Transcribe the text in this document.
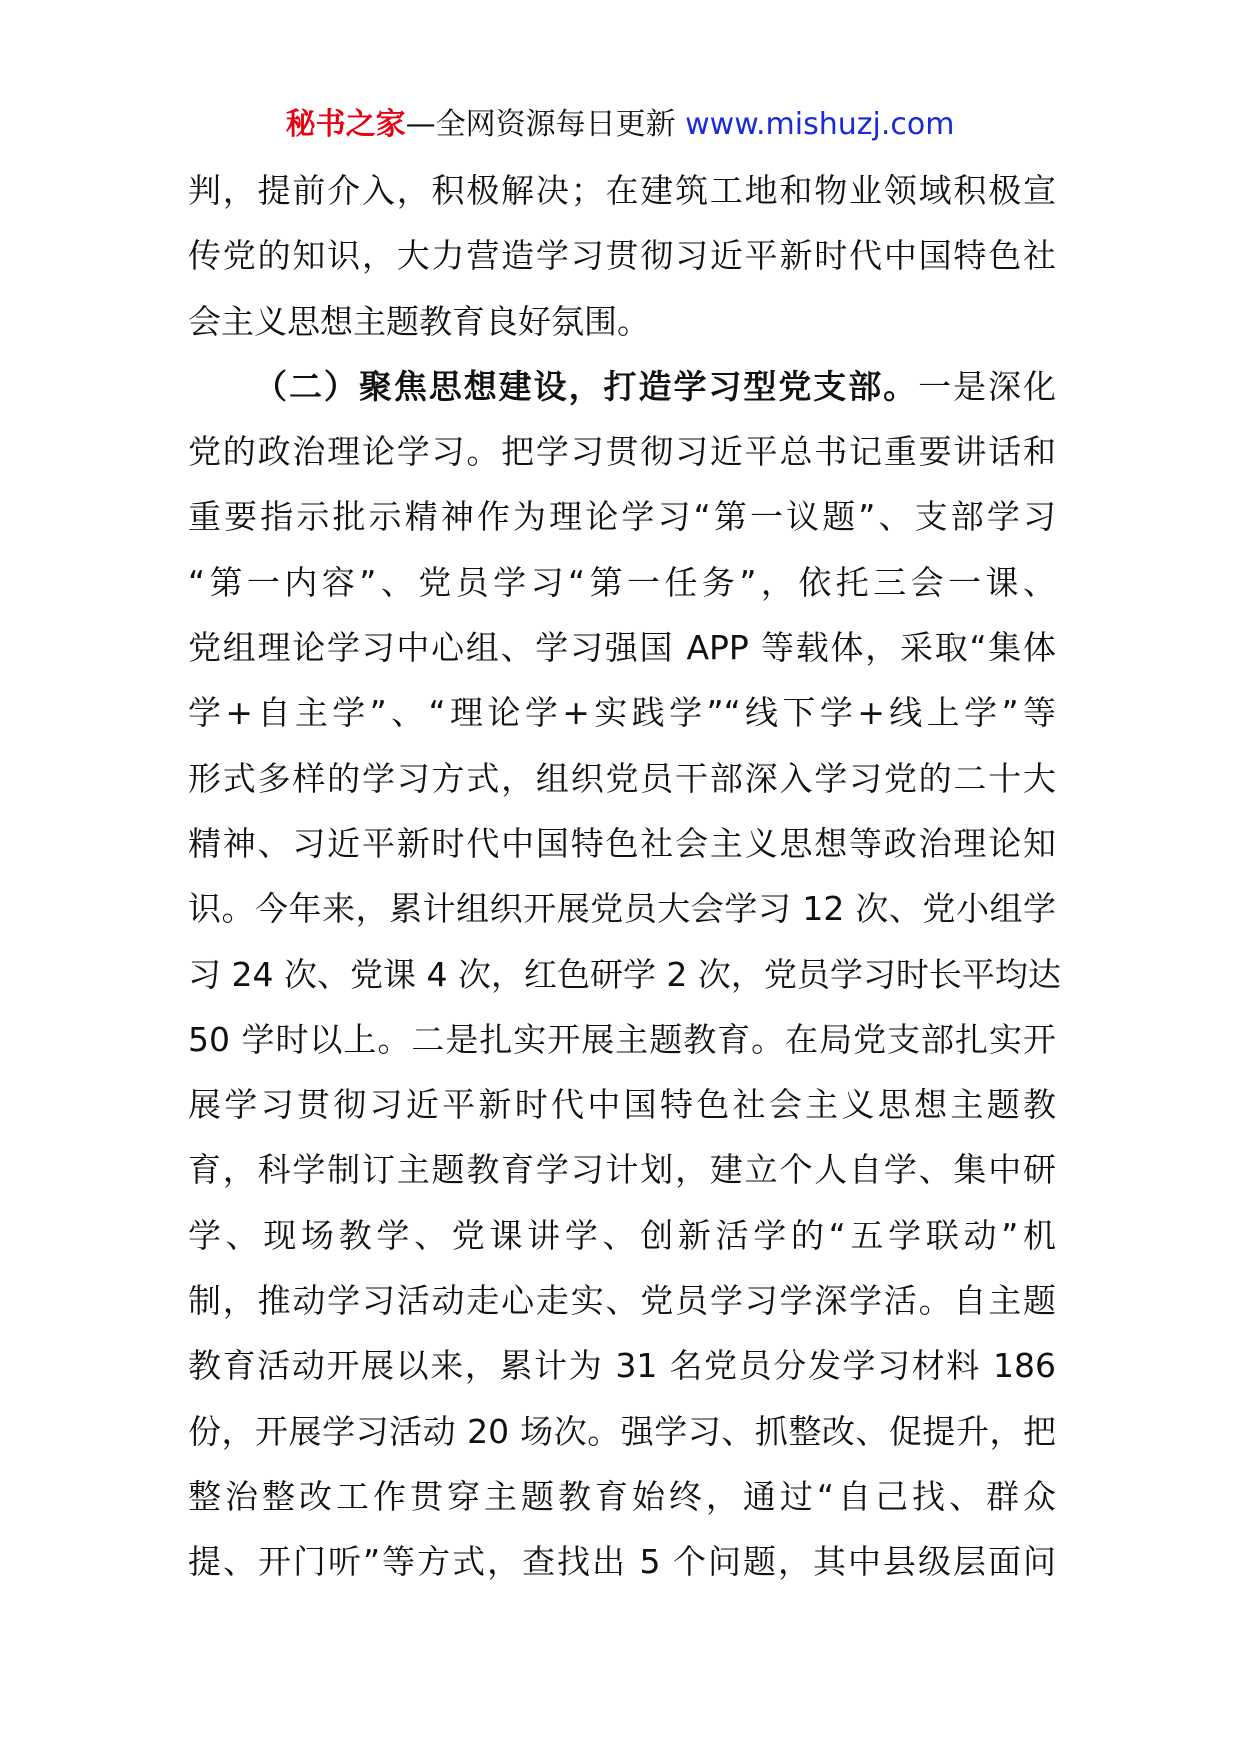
秘书之家—全网资源每日更新 www.mishuzj.com
判，提前介入，积极解决；在建筑工地和物业领域积极宣
传党的知识，大力营造学习贯彻习近平新时代中国特色社
会主义思想主题教育良好氛围。
（二）聚焦思想建设，打造学习型党支部。一是深化
党的政治理论学习。把学习贯彻习近平总书记重要讲话和
重要指示批示精神作为理论学习“第一议题”、支部学习
“第一内容”、党员学习“第一任务”，依托三会一课、
党组理论学习中心组、学习强国 APP 等载体，采取“集体
学+自主学”、“理论学+实践学”“线下学+线上学”等
形式多样的学习方式，组织党员干部深入学习党的二十大
精神、习近平新时代中国特色社会主义思想等政治理论知
识。今年来，累计组织开展党员大会学习 12 次、党小组学
习 24 次、党课 4 次，红色研学 2 次，党员学习时长平均达
50 学时以上。二是扎实开展主题教育。在局党支部扎实开
展学习贯彻习近平新时代中国特色社会主义思想主题教
育，科学制订主题教育学习计划，建立个人自学、集中研
学、现场教学、党课讲学、创新活学的“五学联动”机
制，推动学习活动走心走实、党员学习学深学活。自主题
教育活动开展以来，累计为 31 名党员分发学习材料 186
份，开展学习活动 20 场次。强学习、抓整改、促提升，把
整治整改工作贯穿主题教育始终，通过“自己找、群众
提、开门听”等方式，查找出 5 个问题，其中县级层面问
